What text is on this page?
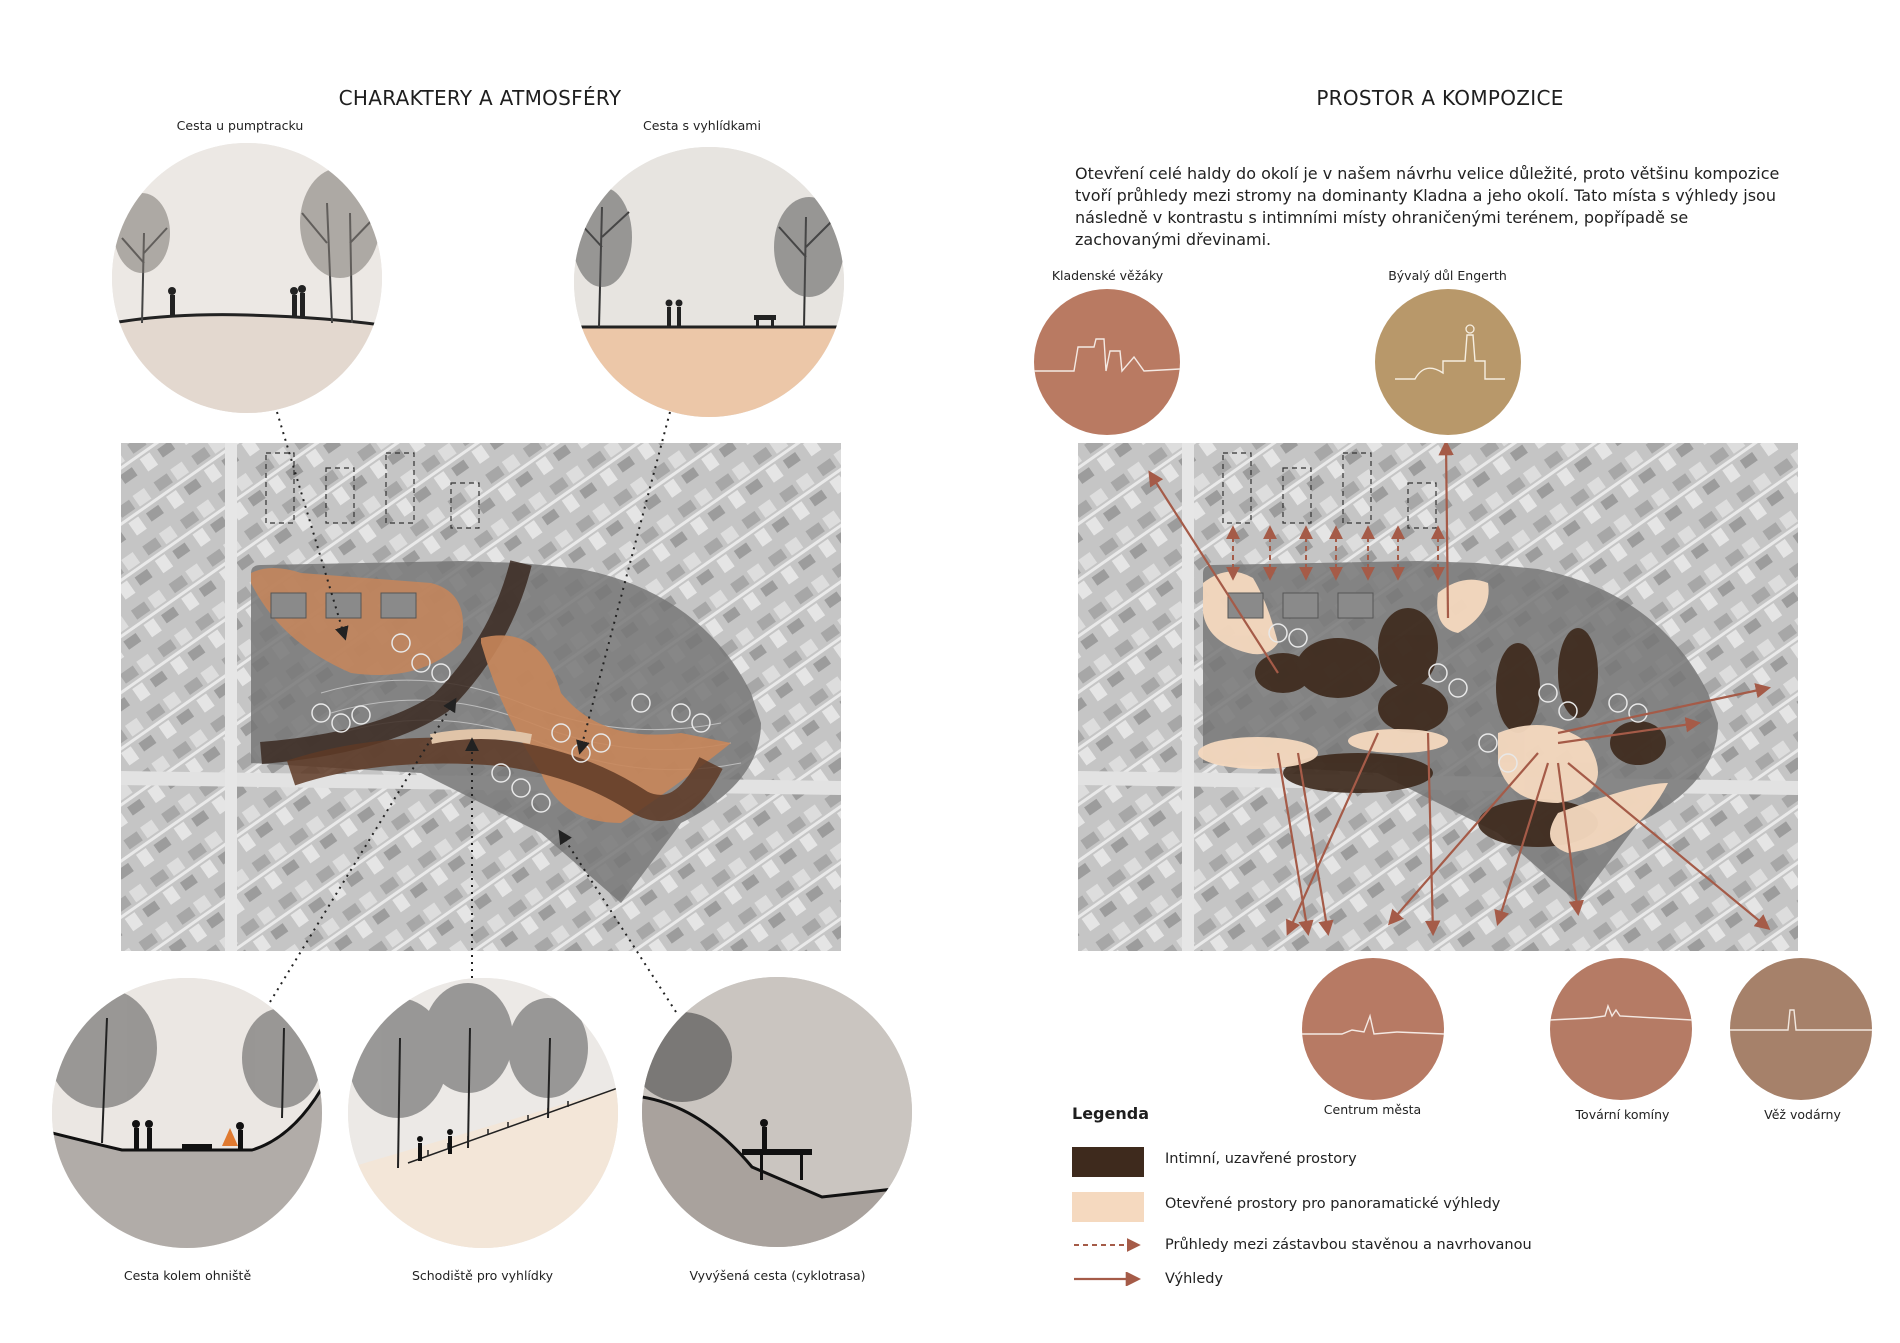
CHARAKTERY A ATMOSFÉRY
Cesta u pumptracku	Cesta s vyhlídkami
Cesta kolem ohniště	Schodiště pro vyhlídky	Vyvýšená cesta (cyklotrasa)
PROSTOR A KOMPOZICE
Otevření celé haldy do okolí je v našem návrhu velice důležité, proto většinu kompozice tvoří průhledy mezi stromy na dominanty Kladna a jeho okolí. Tato místa s výhledy jsou následně v kontrastu s intimními místy ohraničenými terénem, popřípadě se zachovanými dřevinami.
Kladenské věžáky	Bývalý důl Engerth
Centrum města	Tovární komíny	Věž vodárny
Legenda
Intimní, uzavřené prostory
Otevřené prostory pro panoramatické výhledy
Průhledy mezi zástavbou stavěnou a navrhovanou
Výhledy
